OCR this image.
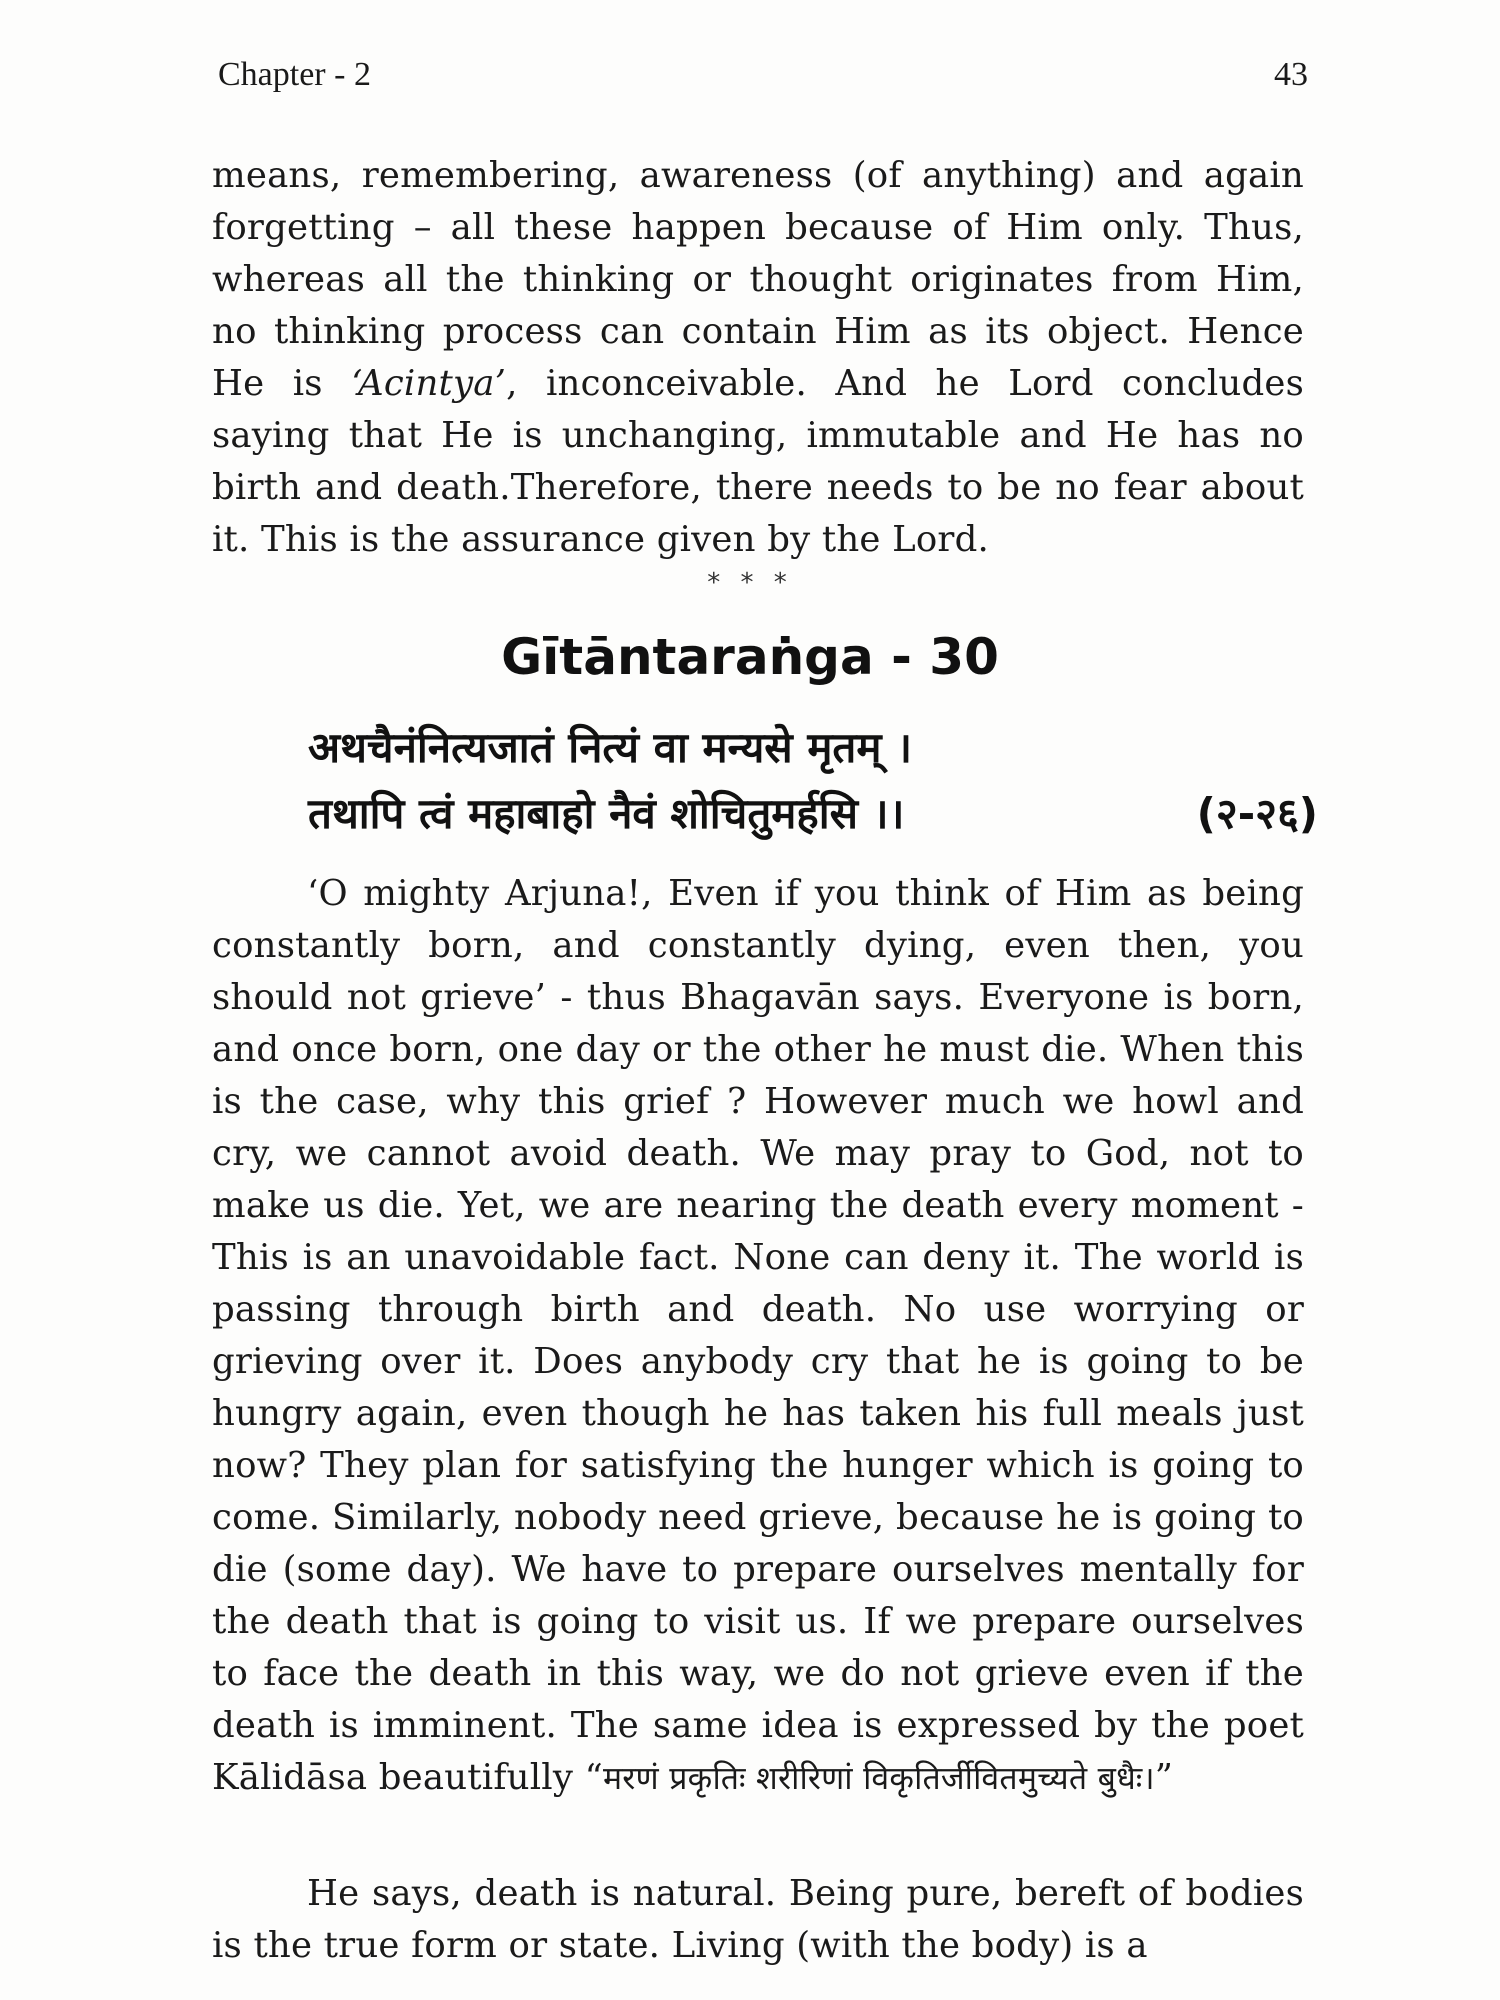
Chapter - 2	43
means, remembering, awareness (of anything) and again forgetting – all these happen because of Him only. Thus, whereas all the thinking or thought originates from Him, no thinking process can contain Him as its object. Hence He is ‘Acintya’, inconceivable. And he Lord concludes saying that He is unchanging, immutable and He has no birth and death.Therefore, there needs to be no fear about it. This is the assurance given by the Lord.
* * *
Gītāntaraṅga - 30
अथचैनंनित्यजातं नित्यं वा मन्यसे मृतम् ।
तथापि त्वं महाबाहो नैवं शोचितुमर्हसि ।।	(२-२६)
‘O mighty Arjuna!, Even if you think of Him as being constantly born, and constantly dying, even then, you should not grieve’ - thus Bhagavān says. Everyone is born, and once born, one day or the other he must die. When this is the case, why this grief ? However much we howl and cry, we cannot avoid death. We may pray to God, not to make us die. Yet, we are nearing the death every moment - This is an unavoidable fact. None can deny it. The world is passing through birth and death. No use worrying or grieving over it. Does anybody cry that he is going to be hungry again, even though he has taken his full meals just now? They plan for satisfying the hunger which is going to come. Similarly, nobody need grieve, because he is going to die (some day). We have to prepare ourselves mentally for the death that is going to visit us. If we prepare ourselves to face the death in this way, we do not grieve even if the death is imminent. The same idea is expressed by the poet Kālidāsa beautifully “मरणं प्रकृतिः शरीरिणां विकृतिर्जीवितमुच्यते बुधैः।”
He says, death is natural. Being pure, bereft of bodies is the true form or state. Living (with the body) is a
